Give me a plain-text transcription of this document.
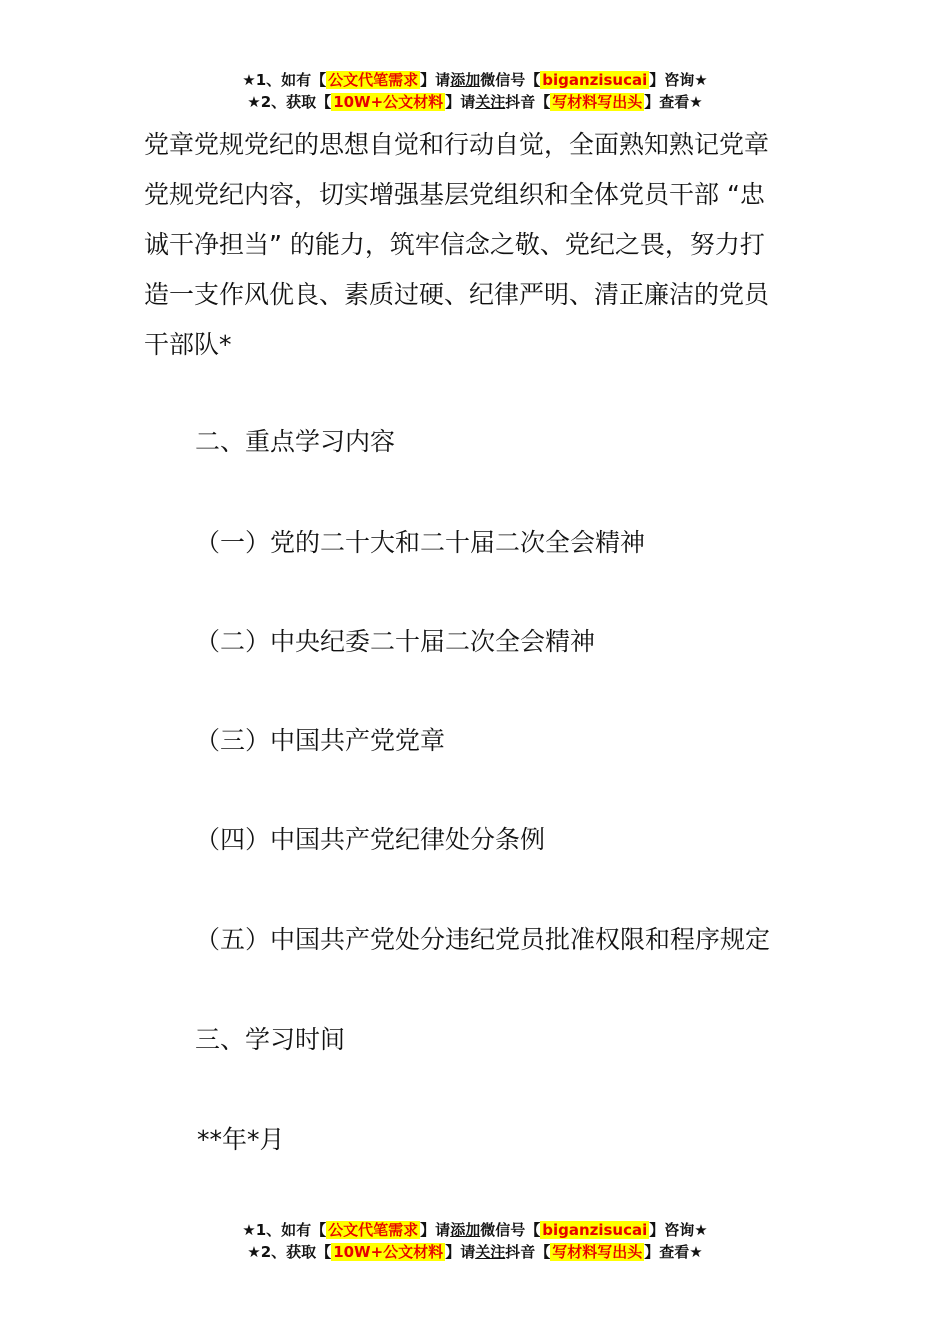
★1、如有【 公文代笔需求 】请添加微信号【 biganzisucai 】咨询★
★2、获取【 10W+公文材料 】请关注抖音【 写材料写出头 】查看★
党章党规党纪的思想自觉和行动自觉，全面熟知熟记党章
党规党纪内容，切实增强基层党组织和全体党员干部 “忠
诚干净担当” 的能力，筑牢信念之敬、党纪之畏，努力打
造一支作风优良、素质过硬、纪律严明、清正廉洁的党员
干部队*
二、重点学习内容
（一）党的二十大和二十届二次全会精神
（二）中央纪委二十届二次全会精神
（三）中国共产党党章
（四）中国共产党纪律处分条例
（五）中国共产党处分违纪党员批准权限和程序规定
三、学习时间
**年*月
★1、如有【 公文代笔需求 】请添加微信号【 biganzisucai 】咨询★
★2、获取【 10W+公文材料 】请关注抖音【 写材料写出头 】查看★
